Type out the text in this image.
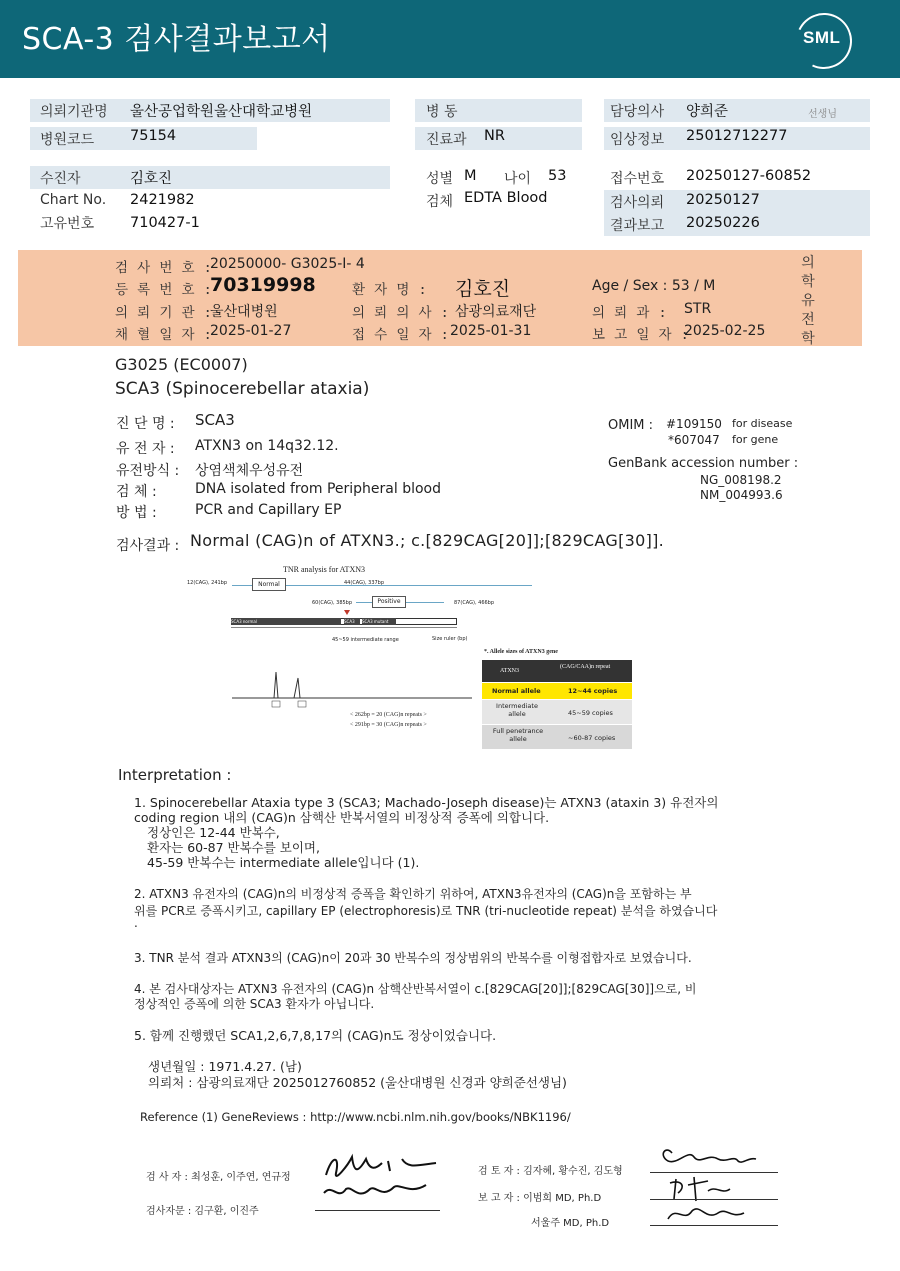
SCA-3 검사결과보고서	SML
의뢰기관명 울산공업학원울산대학교병원
병원코드 75154
병 동
진료과 NR
담당의사 양희준	선생님
임상정보 25012712277
수진자	김호진
Chart No. 2421982
고유번호 710427-1
성별 M 나이 53
검체 EDTA Blood
접수번호 20250127-60852
검사의뢰 20250127
결과보고 20250226
검 사 번 호 :
20250000- G3025-I- 4
등 록 번 호 :
70319998	환 자 명 : 김호진	Age / Sex : 53 / M
의 뢰 기 관 :
울산대병원	의 뢰 의 사 : 삼광의료재단	의 뢰 과 : STR
채 혈 일 자 :
2025-01-27	접 수 일 자 : 2025-01-31	보 고 일 자 :
2025-02-25
의
학
유
전
학
G3025 (EC0007)
SCA3 (Spinocerebellar ataxia)
진 단 명 : SCA3
유 전 자 : ATXN3 on 14q32.12.
유전방식 : 상염색체우성유전
검 체 :	DNA isolated from Peripheral blood
방 법 :	PCR and Capillary EP
OMIM : #109150 for disease
*607047 for gene
GenBank accession number :
NG_008198.2
NM_004993.6
검사결과 : Normal (CAG)n of ATXN3.; c.[829CAG[20]];[829CAG[30]].
TNR analysis for ATXN3
12(CAG), 241bp	Normal	44(CAG), 337bp
60(CAG), 385bp	Positive	87(CAG), 466bp
SCA3 normal	SCA3	SCA3 mutant
45~59 intermediate range	Size ruler (bp)
< 262bp = 20 (CAG)n repeats >
< 291bp = 30 (CAG)n repeats >
*. Allele sizes of ATXN3 gene
ATXN3
(CAG/CAA)n repeat
Normal allele	12~44 copies
Intermediate allele	45~59 copies
Full penetrance allele	~60-87 copies
Interpretation :
1. Spinocerebellar Ataxia type 3 (SCA3; Machado-Joseph disease)는 ATXN3 (ataxin 3) 유전자의
coding region 내의 (CAG)n 삼핵산 반복서열의 비정상적 증폭에 의합니다.
정상인은 12-44 반복수,
환자는 60-87 반복수를 보이며,
45-59 반복수는 intermediate allele입니다 (1).
2. ATXN3 유전자의 (CAG)n의 비정상적 증폭을 확인하기 위하여, ATXN3유전자의 (CAG)n을 포함하는 부
위를 PCR로 증폭시키고, capillary EP (electrophoresis)로 TNR (tri-nucleotide repeat) 분석을 하였습니다
.
3. TNR 분석 결과 ATXN3의 (CAG)n이 20과 30 반복수의 정상범위의 반복수를 이형접합자로 보였습니다.
4. 본 검사대상자는 ATXN3 유전자의 (CAG)n 삼핵산반복서열이 c.[829CAG[20]];[829CAG[30]]으로, 비
정상적인 증폭에 의한 SCA3 환자가 아닙니다.
5. 함께 진행했던 SCA1,2,6,7,8,17의 (CAG)n도 정상이었습니다.
생년월일 : 1971.4.27. (남)
의뢰처 : 삼광의료재단 2025012760852 (울산대병원 신경과 양희준선생님)
Reference (1) GeneReviews : http://www.ncbi.nlm.nih.gov/books/NBK1196/
검 사 자 : 최성훈, 이주연, 연규정
검사자문 : 김구환, 이진주
검 토 자 : 김자혜, 황수진, 김도형
보 고 자 : 이범희 MD, Ph.D
서울주 MD, Ph.D
